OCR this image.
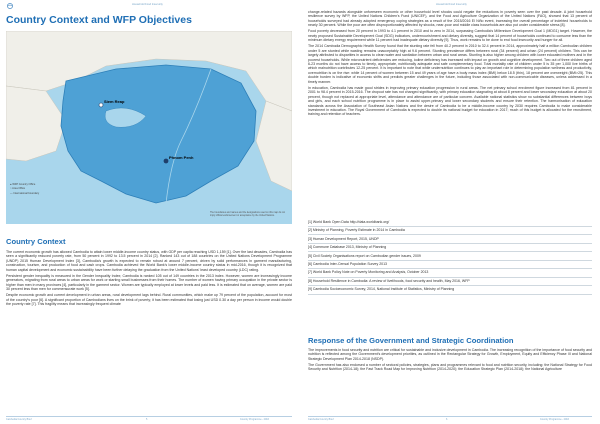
Household Food Insecurity
Country Context and WFP Objectives
Siem Reap
Phnom Penh
● WFP Country Office
○ Area Office
— International boundary
The boundaries and names and the designations used on this map do not imply official endorsement or acceptance by the United Nations.
Country Context

The current economic growth has allowed Cambodia to attain lower middle-income country status, with GDP per capita reaching USD 1,159 [1]. Over the last decades, Cambodia has seen a significantly reduced poverty rate, from 50 percent in 1992 to 13.5 percent in 2014 [2]. Ranked 143 out of 188 countries on the United Nations Development Programme (UNDP) 2015 Human Development Index [3], Cambodia's growth is expected to remain robust at around 7 percent, driven by solid performances in garment manufacturing, construction, tourism, and production of food and cash crops. Cambodia achieved the World Bank's lower middle-income country status in mid-2016, though it is recognized that human capital development and economic sustainability have been further delaying the graduation from the United Nations' least developed country (LDC) rating.

Persistent gender inequality is measured in the Gender Inequality Index; Cambodia is ranked 105 out of 149 countries in the 2013 index. However, women are increasingly income generators, migrating from rural areas to urban areas for work or starting small businesses from their homes. The number of women having primary occupation in the private sector is higher than men in many provinces [4], particularly in the garment sector. Women are typically employed at lower levels and paid less. It is estimated that on average, women are paid 30 percent less than men for commensurate work [5].

Despite economic growth and current development in urban areas, rural development lags behind. Rural communities, which make up 79 percent of the population, account for most of the country's poor [6]. A significant proportion of Cambodians lives on the brink of poverty; it has been estimated that losing just USD 0.30 a day per person in income would double the poverty rate [7]. This fragility means that increasingly frequent climate

Cambodia Country Brief	5	Country Programme - 2016
Household Food Insecurity

change-related hazards alongside unforeseen economic or other household level shocks could negate the reductions in poverty seen over the past decade. A joint household resilience survey by WFP, the United Nations Children's Fund (UNICEF), and the Food and Agriculture Organization of the United Nations (FAO), showed that 13 percent of households surveyed had already adopted emergency coping strategies as a result of the 2015/2016 El Niño event, increasing the overall percentage of indebted households to nearly 30 percent. While the poor are often disproportionately affected by shocks, near-poor and middle class households are also put under considerable stress [8].

Food poverty decreased from 20 percent in 1993 to 4.1 percent in 2010 and to zero in 2014, surpassing Cambodia's Millennium Development Goal 1 (MDG1) target. However, the newly proposed Sustainable Development Goal (SDG) indicators, undernourishment and dietary diversity, suggest that 14 percent of households continued to consume less than the minimum dietary energy requirement while 11 percent had inadequate dietary diversity [9]. Thus, work remains to be done to end food insecurity and hunger for all.

The 2014 Cambodia Demographic Health Survey found that the stunting rate fell from 40.2 percent in 2010 to 32.4 percent in 2014, approximately half a million Cambodian children under 5 are stunted while wasting remains unacceptably high at 9.6 percent. Stunting prevalence differs between rural (34 percent) and urban (24 percent) children. This can be largely attributed to disparities in access to clean water and sanitation between urban and rural areas. Stunting is also higher among children with lower educated mothers and in the poorest households. While micronutrient deficiencies are reducing, iodine deficiency has increased with impact on growth and cognitive development. Two out of three children aged 6-23 months do not have access to timely, appropriate, nutritionally adequate and safe complementary food. Total mortality rate of children under 5 is 35 per 1,000 live births of which malnutrition contributes 12-25 percent. It is important to note that while undernutrition continues to play an important role in determining population wellness and productivity, overnutrition is on the rise: while 14 percent of women between 15 and 49 years of age have a body mass index (BMI) below 18.5 (thin), 18 percent are overweight (BMI>25). This double burden is indicative of economic shifts and predicts greater challenges in the future, including those associated with non-communicable diseases, unless addressed in a timely manner.

In education, Cambodia has made good strides in improving primary education progression in rural areas. The net primary school enrolment figure increased from 81 percent in 2001 to 98.4 percent in 2015-2016. The dropout rate has not changed significantly, with primary education stagnating at about 8 percent and lower secondary education at about 20 percent, though not replaced at appropriate level, attendance and attendance are of particular concern. Available national statistics show no substantial differences between boys and girls, and each school nutrition programme is in place to assist upper-primary and lower secondary students and ensure their retention. The harmonisation of education standards across the Association of Southeast Asian Nations and the desire of Cambodia to be a middle-income country by 2030 requires Cambodia to make considerable investment in education. The Royal Government of Cambodia is expected to double its national budget for education in 2017; much of this budget is allocated for the recruitment, training and retention of teachers.

[1] World Bank Open Data http://data.worldbank.org/
[2] Ministry of Planning, Poverty Estimate in 2014 in Cambodia
[3] Human Development Report, 2015, UNDP
[4] Commune Database 2013, Ministry of Planning
[5] Civil Society Organisations report on Cambodian gender issues, 2009
[6] Cambodia Inter-Censal Population Survey 2013
[7] World Bank Policy Note on Poverty Monitoring and Analysis, October 2013
[8] Household Resilience in Cambodia: A review of livelihoods, food security and health, May 2016, WFP
[9] Cambodia Socioeconomic Survey, 2014, National Institute of Statistics, Ministry of Planning
Response of the Government and Strategic Coordination

The improvements in food security and nutrition are critical for sustainable and inclusive development in Cambodia. The increasing recognition of the importance of food security and nutrition is reflected among the Government's development priorities, as outlined in the Rectangular Strategy for Growth, Employment, Equity and Efficiency Phase III and National Strategic Development Plan 2014-2018 (NSDP).

The Government has also endorsed a number of sectoral policies, strategies, plans and programmes relevant to food and nutrition security, including: the National Strategy for Food Security and Nutrition (2014-18); the Fast Track Road Map for Improving Nutrition (2014-2020); the Education Strategic Plan (2014-2018); the National Agriculture

Cambodia Country Brief	6	Country Programme - 2016
